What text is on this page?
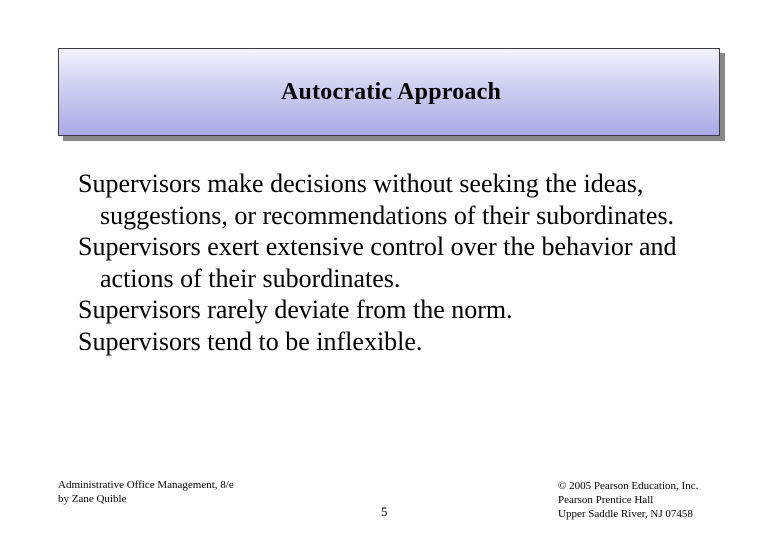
Autocratic Approach
Supervisors make decisions without seeking the ideas, suggestions, or recommendations of their subordinates.
Supervisors exert extensive control over the behavior and actions of their subordinates.
Supervisors rarely deviate from the norm.
Supervisors tend to be inflexible.
Administrative Office Management, 8/e
by Zane Quible
5
© 2005 Pearson Education, Inc.
Pearson Prentice Hall
Upper Saddle River, NJ 07458
